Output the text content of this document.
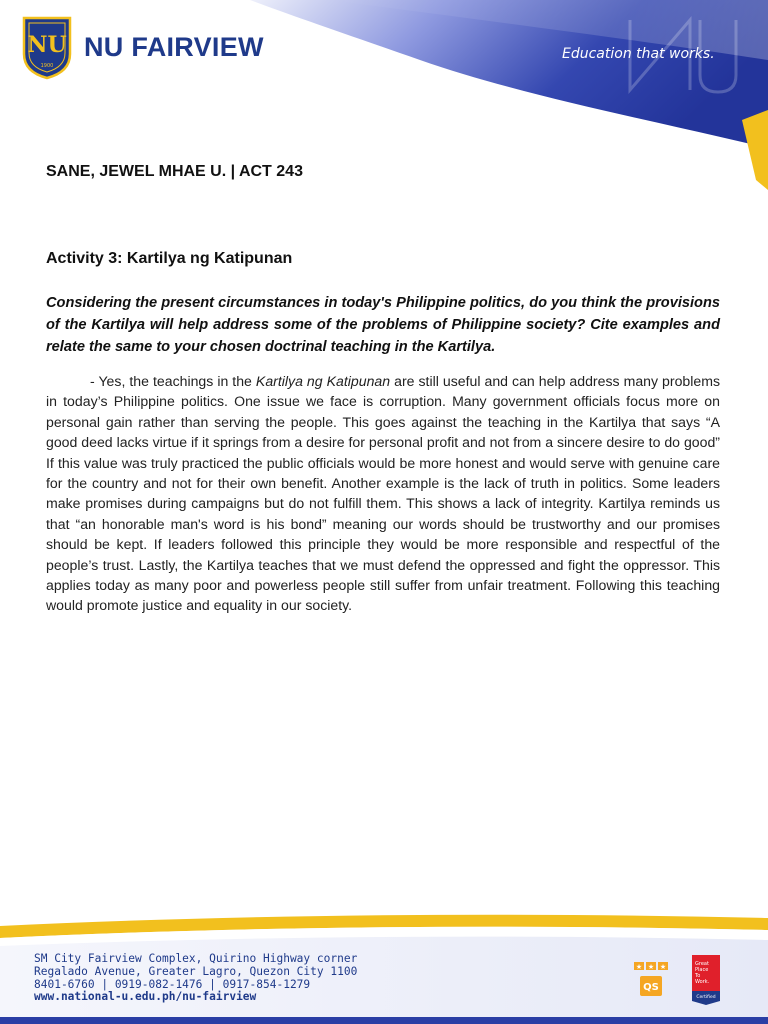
NU
1900
NU FAIRVIEW	Education that works.
SANE, JEWEL MHAE U. | ACT 243
Activity 3: Kartilya ng Katipunan
Considering the present circumstances in today's Philippine politics, do you think the provisions of the Kartilya will help address some of the problems of Philippine society? Cite examples and relate the same to your chosen doctrinal teaching in the Kartilya.
- Yes, the teachings in the Kartilya ng Katipunan are still useful and can help address many problems in today’s Philippine politics. One issue we face is corruption. Many government officials focus more on personal gain rather than serving the people. This goes against the teaching in the Kartilya that says “A good deed lacks virtue if it springs from a desire for personal profit and not from a sincere desire to do good” If this value was truly practiced the public officials would be more honest and would serve with genuine care for the country and not for their own benefit. Another example is the lack of truth in politics. Some leaders make promises during campaigns but do not fulfill them. This shows a lack of integrity. Kartilya reminds us that “an honorable man's word is his bond” meaning our words should be trustworthy and our promises should be kept. If leaders followed this principle they would be more responsible and respectful of the people’s trust. Lastly, the Kartilya teaches that we must defend the oppressed and fight the oppressor. This applies today as many poor and powerless people still suffer from unfair treatment. Following this teaching would promote justice and equality in our society.
SM City Fairview Complex, Quirino Highway corner
Regalado Avenue, Greater Lagro, Quezon City 1100
8401-6760 | 0919-082-1476 | 0917-854-1279
www.national-u.edu.ph/nu-fairview
★ ★ ★
QS
Great
Place
To
Work.
Certified
